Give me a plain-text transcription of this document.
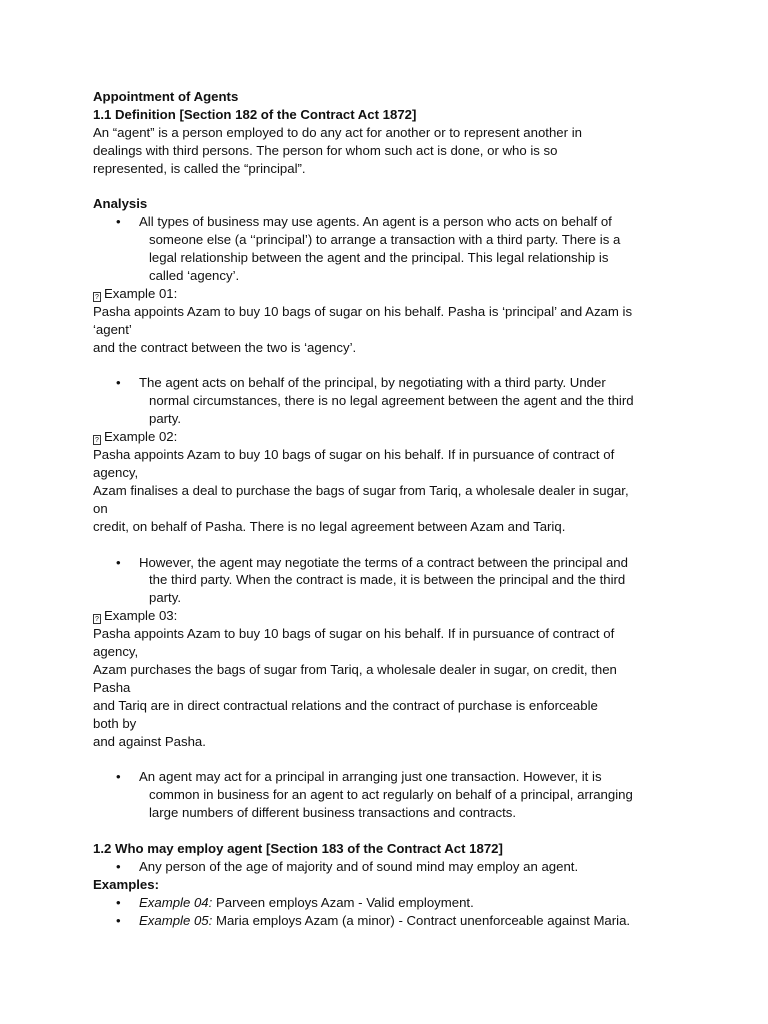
Appointment of Agents
1.1 Definition [Section 182 of the Contract Act 1872]
An “agent” is a person employed to do any act for another or to represent another in
dealings with third persons. The person for whom such act is done, or who is so
represented, is called the “principal”.
Analysis
• All types of business may use agents. An agent is a person who acts on behalf of
someone else (a ‘‘principal’) to arrange a transaction with a third party. There is a
legal relationship between the agent and the principal. This legal relationship is
called ‘agency’.
? Example 01:
Pasha appoints Azam to buy 10 bags of sugar on his behalf. Pasha is ‘principal’ and Azam is
‘agent’
and the contract between the two is ‘agency’.
• The agent acts on behalf of the principal, by negotiating with a third party. Under
normal circumstances, there is no legal agreement between the agent and the third
party.
? Example 02:
Pasha appoints Azam to buy 10 bags of sugar on his behalf. If in pursuance of contract of
agency,
Azam finalises a deal to purchase the bags of sugar from Tariq, a wholesale dealer in sugar,
on
credit, on behalf of Pasha. There is no legal agreement between Azam and Tariq.
• However, the agent may negotiate the terms of a contract between the principal and
the third party. When the contract is made, it is between the principal and the third
party.
? Example 03:
Pasha appoints Azam to buy 10 bags of sugar on his behalf. If in pursuance of contract of
agency,
Azam purchases the bags of sugar from Tariq, a wholesale dealer in sugar, on credit, then
Pasha
and Tariq are in direct contractual relations and the contract of purchase is enforceable
both by
and against Pasha.
• An agent may act for a principal in arranging just one transaction. However, it is
common in business for an agent to act regularly on behalf of a principal, arranging
large numbers of different business transactions and contracts.
1.2 Who may employ agent [Section 183 of the Contract Act 1872]
• Any person of the age of majority and of sound mind may employ an agent.
Examples:
• Example 04: Parveen employs Azam - Valid employment.
• Example 05: Maria employs Azam (a minor) - Contract unenforceable against Maria.
